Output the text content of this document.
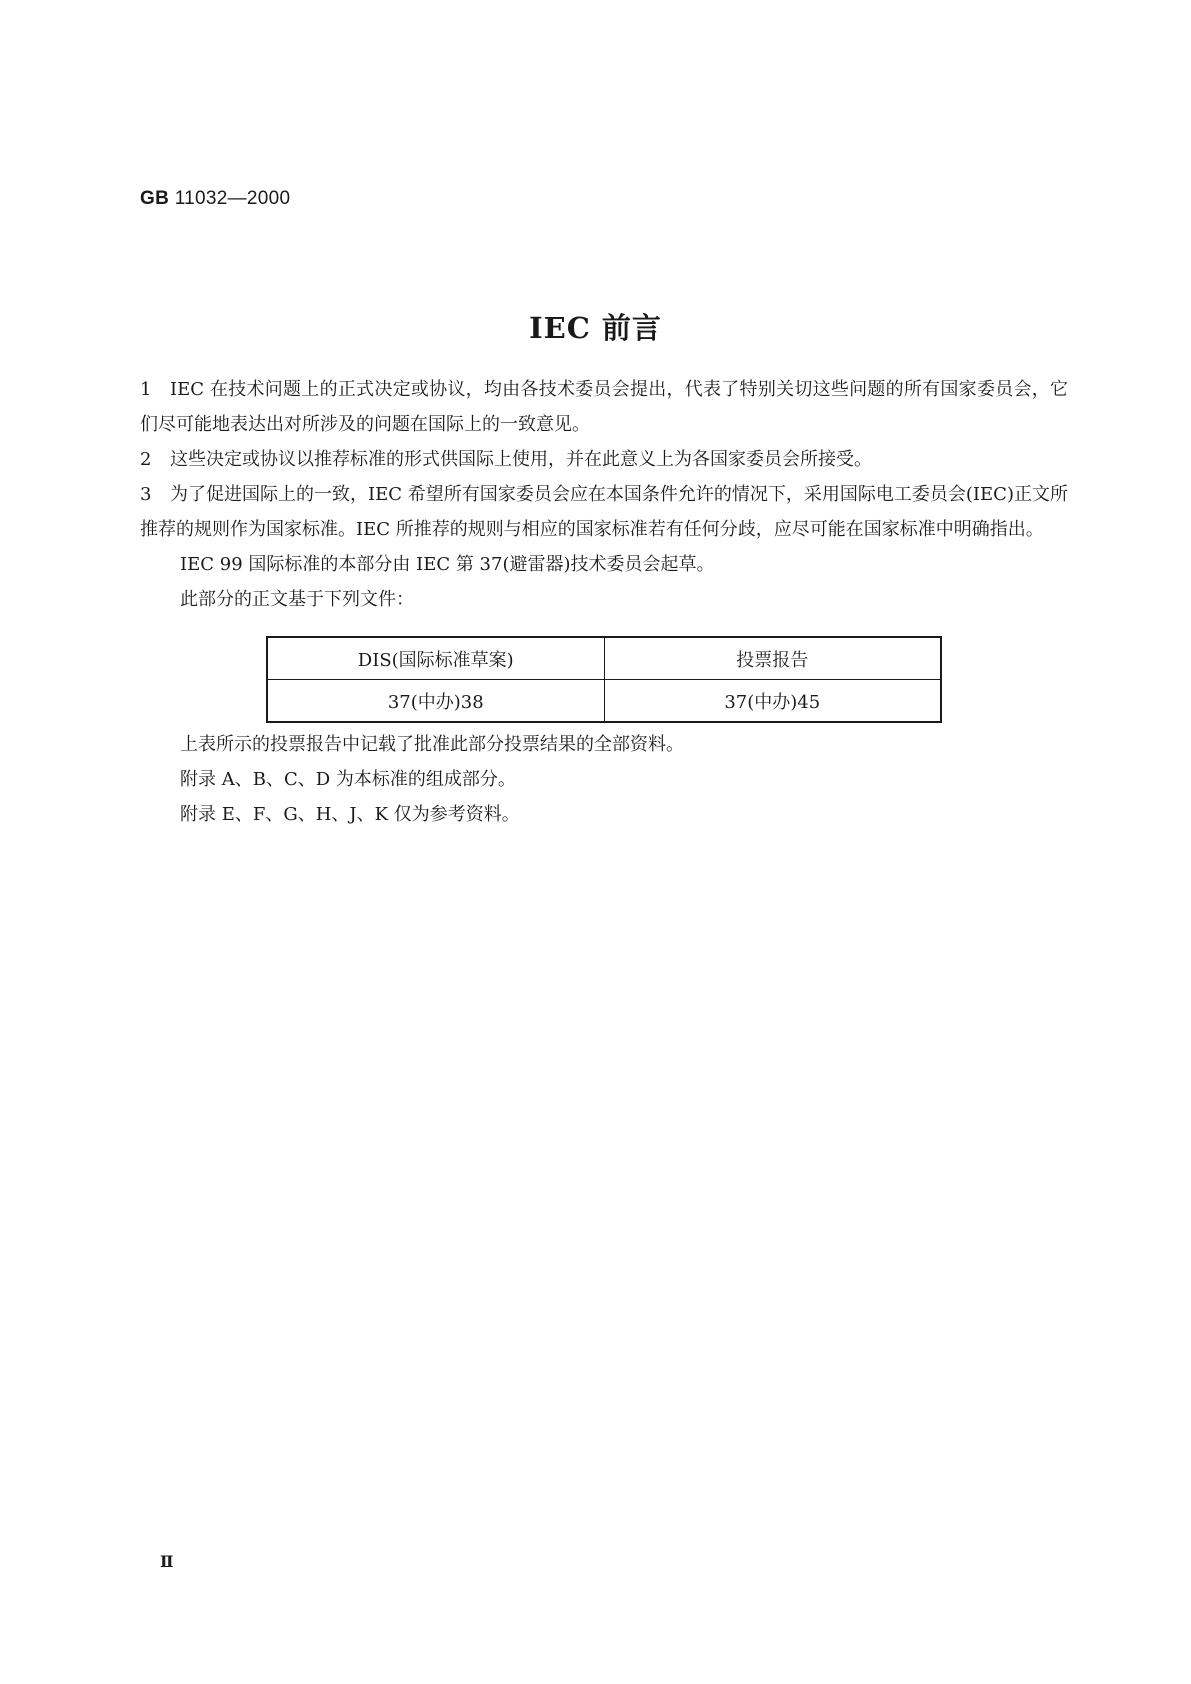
GB 11032—2000
IEC 前言

1 IEC 在技术问题上的正式决定或协议，均由各技术委员会提出，代表了特别关切这些问题的所有国家委员会，它们尽可能地表达出对所涉及的问题在国际上的一致意见。

2 这些决定或协议以推荐标准的形式供国际上使用，并在此意义上为各国家委员会所接受。

3 为了促进国际上的一致，IEC 希望所有国家委员会应在本国条件允许的情况下，采用国际电工委员会(IEC)正文所推荐的规则作为国家标准。IEC 所推荐的规则与相应的国家标准若有任何分歧，应尽可能在国家标准中明确指出。

IEC 99 国际标准的本部分由 IEC 第 37(避雷器)技术委员会起草。

此部分的正文基于下列文件：

DIS(国际标准草案)	投票报告
37(中办)38	37(中办)45

上表所示的投票报告中记载了批准此部分投票结果的全部资料。

附录 A、B、C、D 为本标准的组成部分。

附录 E、F、G、H、J、K 仅为参考资料。

Ⅱ
